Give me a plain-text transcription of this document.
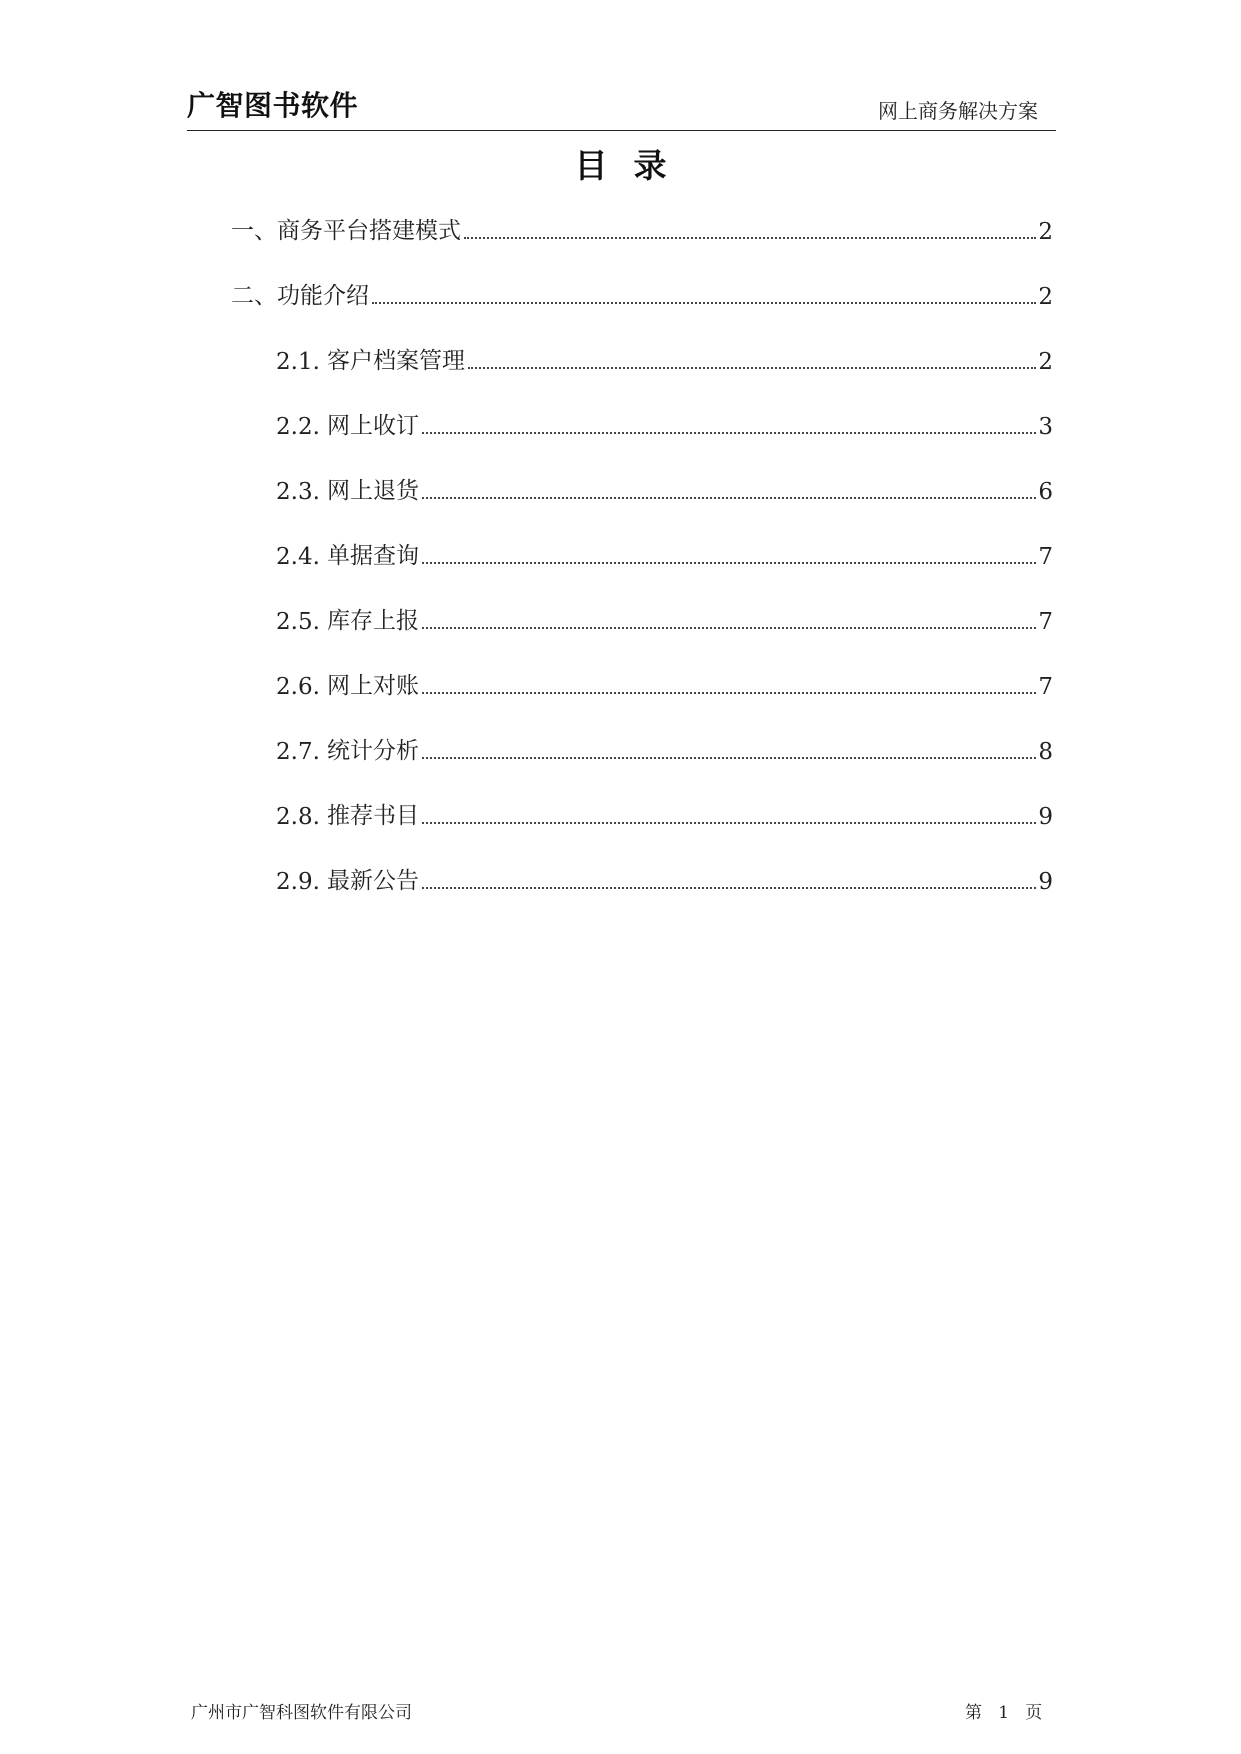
广智图书软件	网上商务解决方案
目录
一、 商务平台搭建模式	2
二、 功能介绍	2
2.1. 客户档案管理	2
2.2. 网上收订	3
2.3. 网上退货	6
2.4. 单据查询	7
2.5. 库存上报	7
2.6. 网上对账	7
2.7. 统计分析	8
2.8. 推荐书目	9
2.9. 最新公告	9
广州市广智科图软件有限公司	第 1 页
